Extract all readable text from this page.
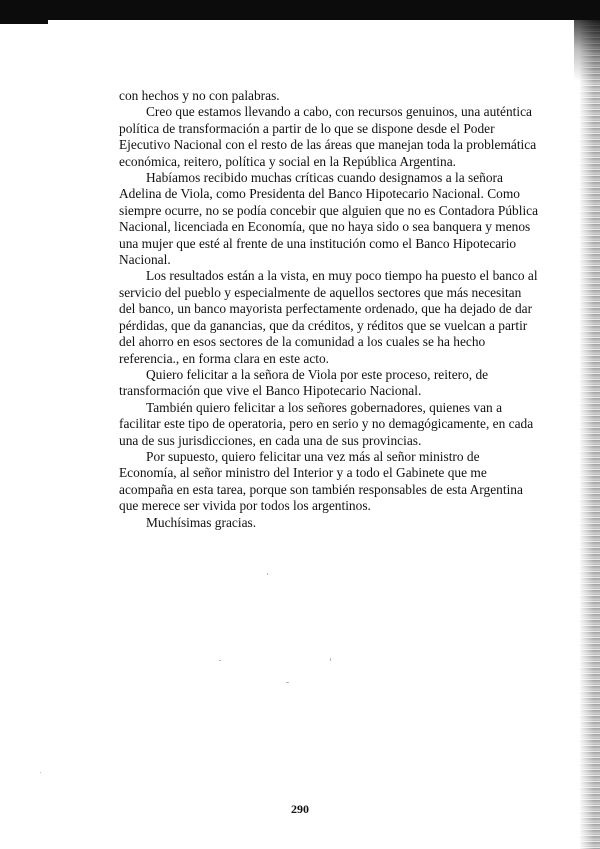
con hechos y no con palabras.

Creo que estamos llevando a cabo, con recursos genuinos, una auténtica política de transformación a partir de lo que se dispone desde el Poder Ejecutivo Nacional con el resto de las áreas que manejan toda la problemática económica, reitero, política y social en la República Argentina.

Habíamos recibido muchas críticas cuando designamos a la señora Adelina de Viola, como Presidenta del Banco Hipotecario Nacional. Como siempre ocurre, no se podía concebir que alguien que no es Contadora Pública Nacional, licenciada en Economía, que no haya sido o sea banquera y menos una mujer que esté al frente de una institución como el Banco Hipotecario Nacional.

Los resultados están a la vista, en muy poco tiempo ha puesto el banco al servicio del pueblo y especialmente de aquellos sectores que más necesitan del banco, un banco mayorista perfectamente ordenado, que ha dejado de dar pérdidas, que da ganancias, que da créditos, y réditos que se vuelcan a partir del ahorro en esos sectores de la comunidad a los cuales se ha hecho referencia., en forma clara en este acto.

Quiero felicitar a la señora de Viola por este proceso, reitero, de transformación que vive el Banco Hipotecario Nacional.

También quiero felicitar a los señores gobernadores, quienes van a facilitar este tipo de operatoria, pero en serio y no demagógicamente, en cada una de sus jurisdicciones, en cada una de sus provincias.

Por supuesto, quiero felicitar una vez más al señor ministro de Economía, al señor ministro del Interior y a todo el Gabinete que me acompaña en esta tarea, porque son también responsables de esta Argentina que merece ser vivida por todos los argentinos.

Muchísimas gracias.

290
